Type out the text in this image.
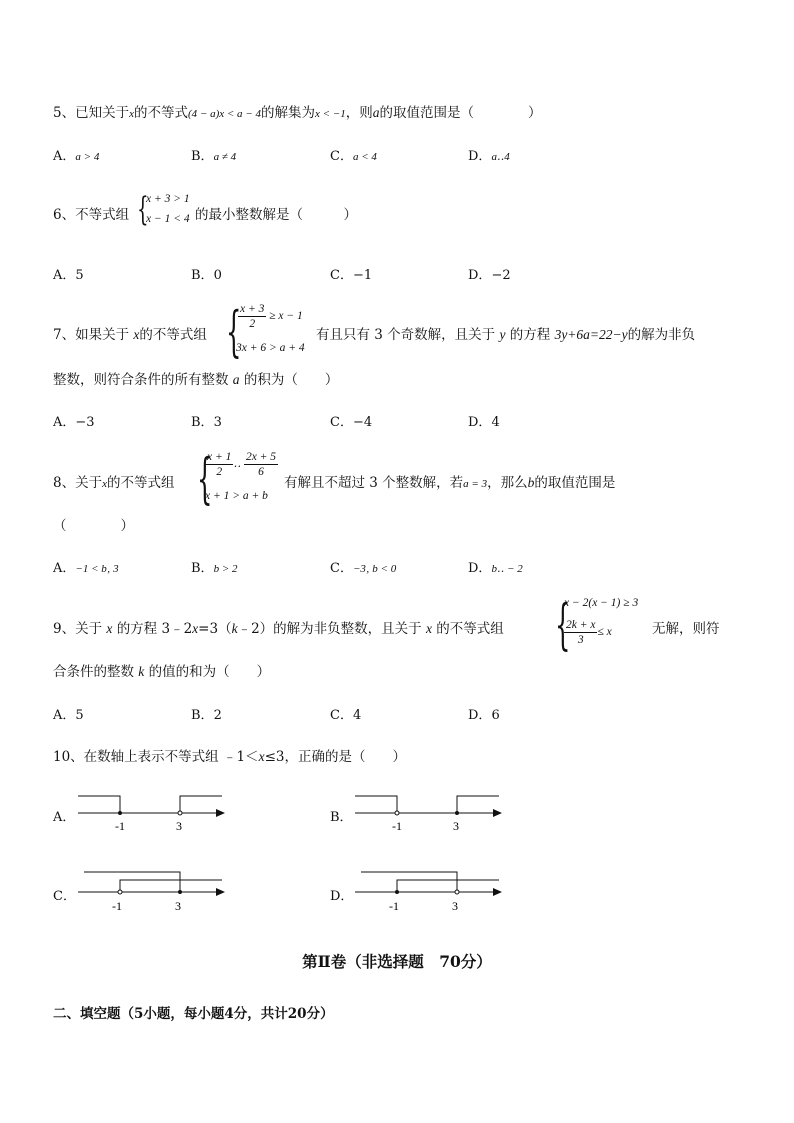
5、已知关于x的不等式(4 − a)x < a − 4的解集为x < −1，则a的取值范围是（　　　　）
A．a > 4	B．a ≠ 4	C．a < 4	D．a‥4
6、不等式组 {
x + 3 > 1
x − 1 < 4 的最小整数解是（　　　）
A．5	B．0	C．−1	D．−2
7、如果关于 x的不等式组 {
$\frac{x + 3}{2} \ge x - 1$
3x + 6 > a + 4
有且只有 3 个奇数解，且关于 y 的方程 3y+6a=22−y的解为非负
整数，则符合条件的所有整数 a 的积为（　　）
A．−3	B．3	C．−4	D．4
8、关于x的不等式组 {
$\frac{x + 1}{2}$ ‥ $\frac{2x + 5}{6}$
x + 1 > a + b
有解且不超过 3 个整数解，若a = 3，那么b的取值范围是
（　　　　）
A．−1 < b‚ 3	B．b > 2	C．−3‚ b < 0	D．b‥ − 2
9、关于 x 的方程 3﹣2x=3（k﹣2）的解为非负整数，且关于 x 的不等式组 {
x − 2(x − 1) ≥ 3
$\frac{2k + x}{3} \le x$	无解，则符
合条件的整数 k 的值的和为（　　）
A．5	B．2	C．4	D．6
10、在数轴上表示不等式组 ﹣1＜x≤3，正确的是（　　）
A．
-1	3
B．
-1	3
C．
-1	3
D．
-1	3
第Ⅱ卷（非选择题　70分）
二、填空题（5小题，每小题4分，共计20分）
